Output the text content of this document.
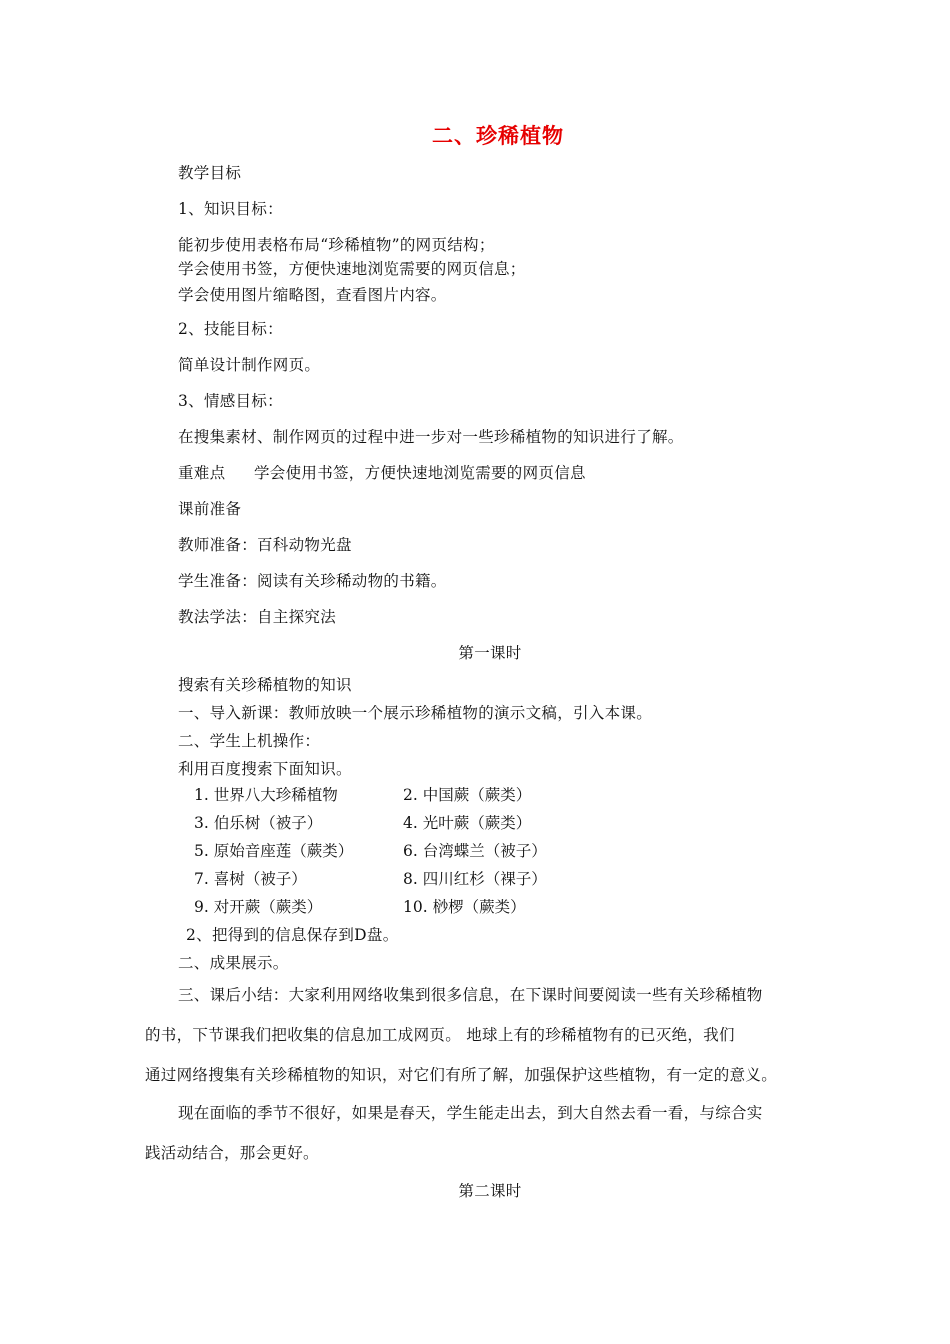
二、珍稀植物
教学目标
1、知识目标：
能初步使用表格布局“珍稀植物”的网页结构；
学会使用书签，方便快速地浏览需要的网页信息；
学会使用图片缩略图，查看图片内容。
2、技能目标：
简单设计制作网页。
3、情感目标：
在搜集素材、制作网页的过程中进一步对一些珍稀植物的知识进行了解。
重难点 学会使用书签，方便快速地浏览需要的网页信息
课前准备
教师准备：百科动物光盘
学生准备：阅读有关珍稀动物的书籍。
教法学法：自主探究法
第一课时
搜索有关珍稀植物的知识
一、导入新课：教师放映一个展示珍稀植物的演示文稿，引入本课。
二、学生上机操作：
利用百度搜索下面知识。
1. 世界八大珍稀植物	2. 中国蕨（蕨类）
3. 伯乐树（被子）	4. 光叶蕨（蕨类）
5. 原始音座莲（蕨类）	6. 台湾蝶兰（被子）
7. 喜树（被子）	8. 四川红杉（裸子）
9. 对开蕨（蕨类）	10. 桫椤（蕨类）
2、把得到的信息保存到D盘。
二、成果展示。
三、课后小结：大家利用网络收集到很多信息，在下课时间要阅读一些有关珍稀植物
的书，下节课我们把收集的信息加工成网页。 地球上有的珍稀植物有的已灭绝，我们
通过网络搜集有关珍稀植物的知识，对它们有所了解，加强保护这些植物，有一定的意义。
现在面临的季节不很好，如果是春天，学生能走出去，到大自然去看一看，与综合实
践活动结合，那会更好。
第二课时
